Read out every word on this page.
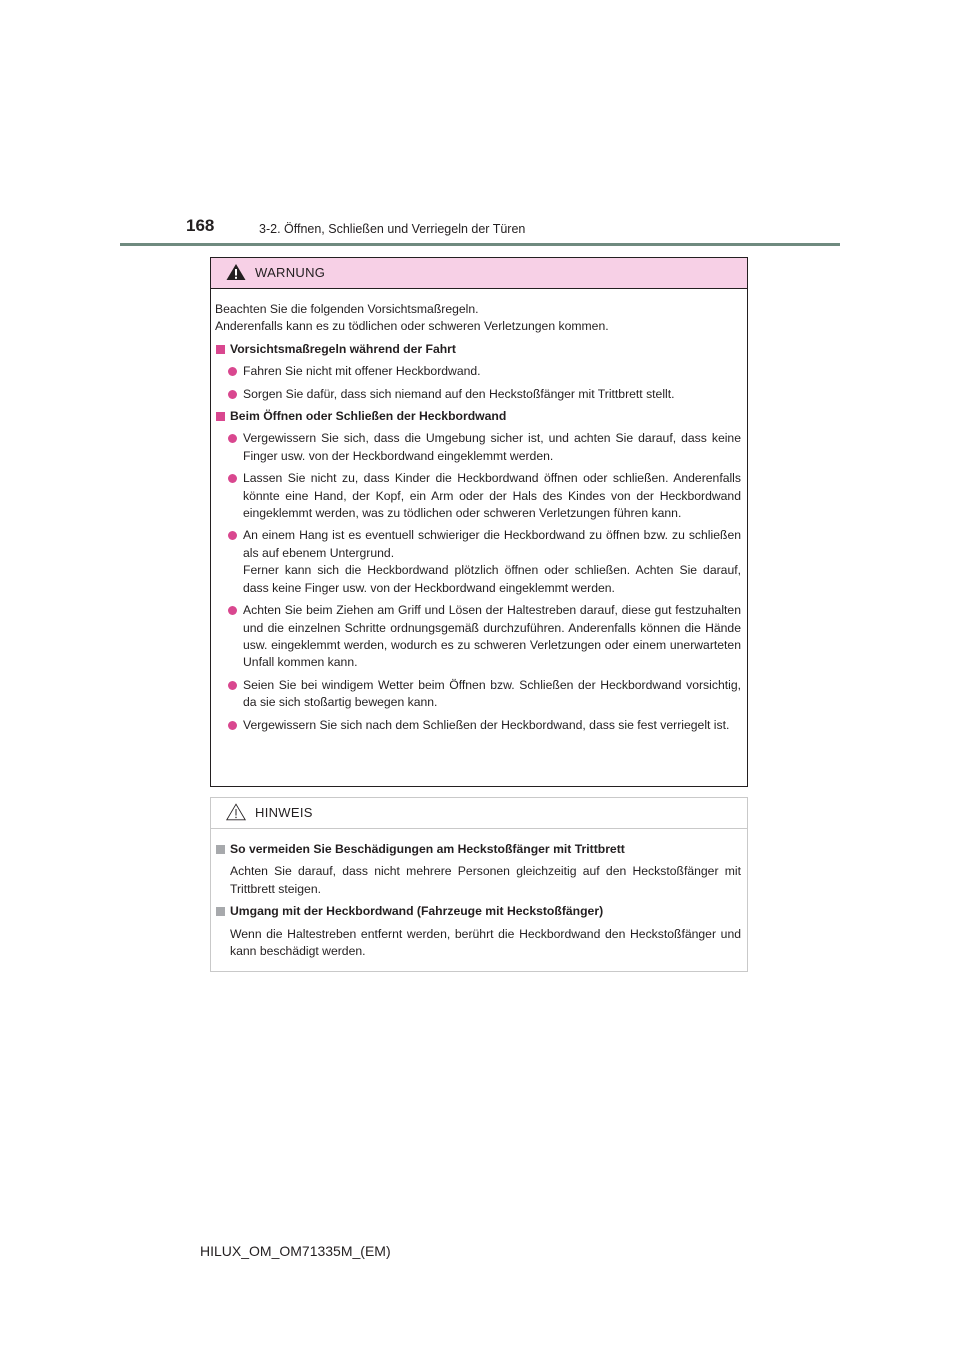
168	3-2. Öffnen, Schließen und Verriegeln der Türen
WARNUNG

Beachten Sie die folgenden Vorsichtsmaßregeln.

Anderenfalls kann es zu tödlichen oder schweren Verletzungen kommen.

Vorsichtsmaßregeln während der Fahrt
Fahren Sie nicht mit offener Heckbordwand.
Sorgen Sie dafür, dass sich niemand auf den Heckstoßfänger mit Trittbrett stellt.
Beim Öffnen oder Schließen der Heckbordwand
Vergewissern Sie sich, dass die Umgebung sicher ist, und achten Sie darauf, dass keine Finger usw. von der Heckbordwand eingeklemmt werden.
Lassen Sie nicht zu, dass Kinder die Heckbordwand öffnen oder schließen. Anderenfalls könnte eine Hand, der Kopf, ein Arm oder der Hals des Kindes von der Heckbordwand eingeklemmt werden, was zu tödlichen oder schweren Verletzungen führen kann.
An einem Hang ist es eventuell schwieriger die Heckbordwand zu öffnen bzw. zu schließen als auf ebenem Untergrund.
Ferner kann sich die Heckbordwand plötzlich öffnen oder schließen. Achten Sie darauf, dass keine Finger usw. von der Heckbordwand eingeklemmt werden.
Achten Sie beim Ziehen am Griff und Lösen der Haltestreben darauf, diese gut festzuhalten und die einzelnen Schritte ordnungsgemäß durchzuführen. Anderenfalls können die Hände usw. eingeklemmt werden, wodurch es zu schweren Verletzungen oder einem unerwarteten Unfall kommen kann.
Seien Sie bei windigem Wetter beim Öffnen bzw. Schließen der Heckbordwand vorsichtig, da sie sich stoßartig bewegen kann.
Vergewissern Sie sich nach dem Schließen der Heckbordwand, dass sie fest verriegelt ist.
HINWEIS
So vermeiden Sie Beschädigungen am Heckstoßfänger mit Trittbrett

Achten Sie darauf, dass nicht mehrere Personen gleichzeitig auf den Heckstoßfänger mit Trittbrett steigen.

Umgang mit der Heckbordwand (Fahrzeuge mit Heckstoßfänger)

Wenn die Haltestreben entfernt werden, berührt die Heckbordwand den Heckstoßfänger und kann beschädigt werden.

HILUX_OM_OM71335M_(EM)
